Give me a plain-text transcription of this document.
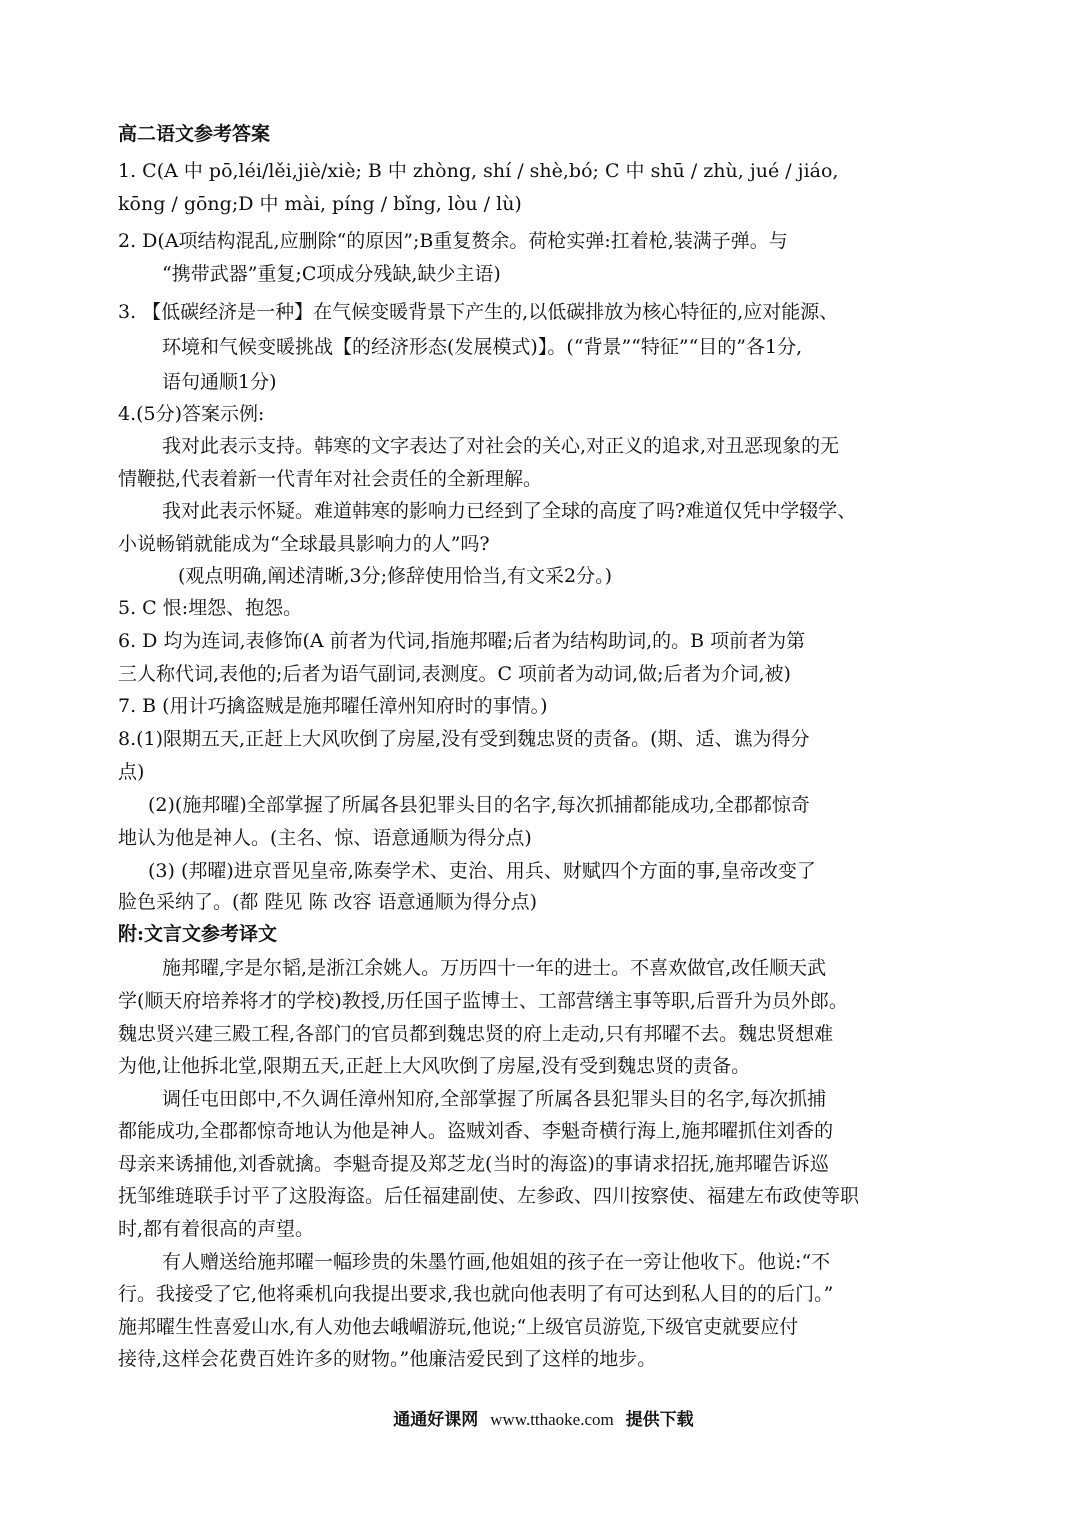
高二语文参考答案
1. C(A 中 pō,léi/lěi,jiè/xiè; B 中 zhòng, shí / shè,bó; C 中 shū / zhù, jué / jiáo,
kōng / gōng;D 中 mài, píng / bǐng, lòu / lù)
2. D(A项结构混乱,应删除“的原因”;B重复赘余。荷枪实弹:扛着枪,装满子弹。与
“携带武器”重复;C项成分残缺,缺少主语)
3. 【低碳经济是一种】在气候变暖背景下产生的,以低碳排放为核心特征的,应对能源、
环境和气候变暖挑战【的经济形态(发展模式)】。(“背景”“特征”“目的”各1分,
语句通顺1分)
4.(5分)答案示例:
我对此表示支持。韩寒的文字表达了对社会的关心,对正义的追求,对丑恶现象的无
情鞭挞,代表着新一代青年对社会责任的全新理解。
我对此表示怀疑。难道韩寒的影响力已经到了全球的高度了吗?难道仅凭中学辍学、
小说畅销就能成为“全球最具影响力的人”吗?
(观点明确,阐述清晰,3分;修辞使用恰当,有文采2分。)
5. C 恨:埋怨、抱怨。
6. D 均为连词,表修饰(A 前者为代词,指施邦曜;后者为结构助词,的。B 项前者为第
三人称代词,表他的;后者为语气副词,表测度。C 项前者为动词,做;后者为介词,被)
7. B (用计巧擒盗贼是施邦曜任漳州知府时的事情。)
8.(1)限期五天,正赶上大风吹倒了房屋,没有受到魏忠贤的责备。(期、适、谯为得分
点)
(2)(施邦曜)全部掌握了所属各县犯罪头目的名字,每次抓捕都能成功,全郡都惊奇
地认为他是神人。(主名、惊、语意通顺为得分点)
(3) (邦曜)进京晋见皇帝,陈奏学术、吏治、用兵、财赋四个方面的事,皇帝改变了
脸色采纳了。(都 陛见 陈 改容 语意通顺为得分点)
附:文言文参考译文
施邦曜,字是尔韬,是浙江余姚人。万历四十一年的进士。不喜欢做官,改任顺天武
学(顺天府培养将才的学校)教授,历任国子监博士、工部营缮主事等职,后晋升为员外郎。
魏忠贤兴建三殿工程,各部门的官员都到魏忠贤的府上走动,只有邦曜不去。魏忠贤想难
为他,让他拆北堂,限期五天,正赶上大风吹倒了房屋,没有受到魏忠贤的责备。
调任屯田郎中,不久调任漳州知府,全部掌握了所属各县犯罪头目的名字,每次抓捕
都能成功,全郡都惊奇地认为他是神人。盗贼刘香、李魁奇横行海上,施邦曜抓住刘香的
母亲来诱捕他,刘香就擒。李魁奇提及郑芝龙(当时的海盗)的事请求招抚,施邦曜告诉巡
抚邹维琏联手讨平了这股海盗。后任福建副使、左参政、四川按察使、福建左布政使等职
时,都有着很高的声望。
有人赠送给施邦曜一幅珍贵的朱墨竹画,他姐姐的孩子在一旁让他收下。他说:“不
行。我接受了它,他将乘机向我提出要求,我也就向他表明了有可达到私人目的的后门。”
施邦曜生性喜爱山水,有人劝他去峨嵋游玩,他说;“上级官员游览,下级官吏就要应付
接待,这样会花费百姓许多的财物。”他廉洁爱民到了这样的地步。
通通好课网 www.tthaoke.com 提供下载
